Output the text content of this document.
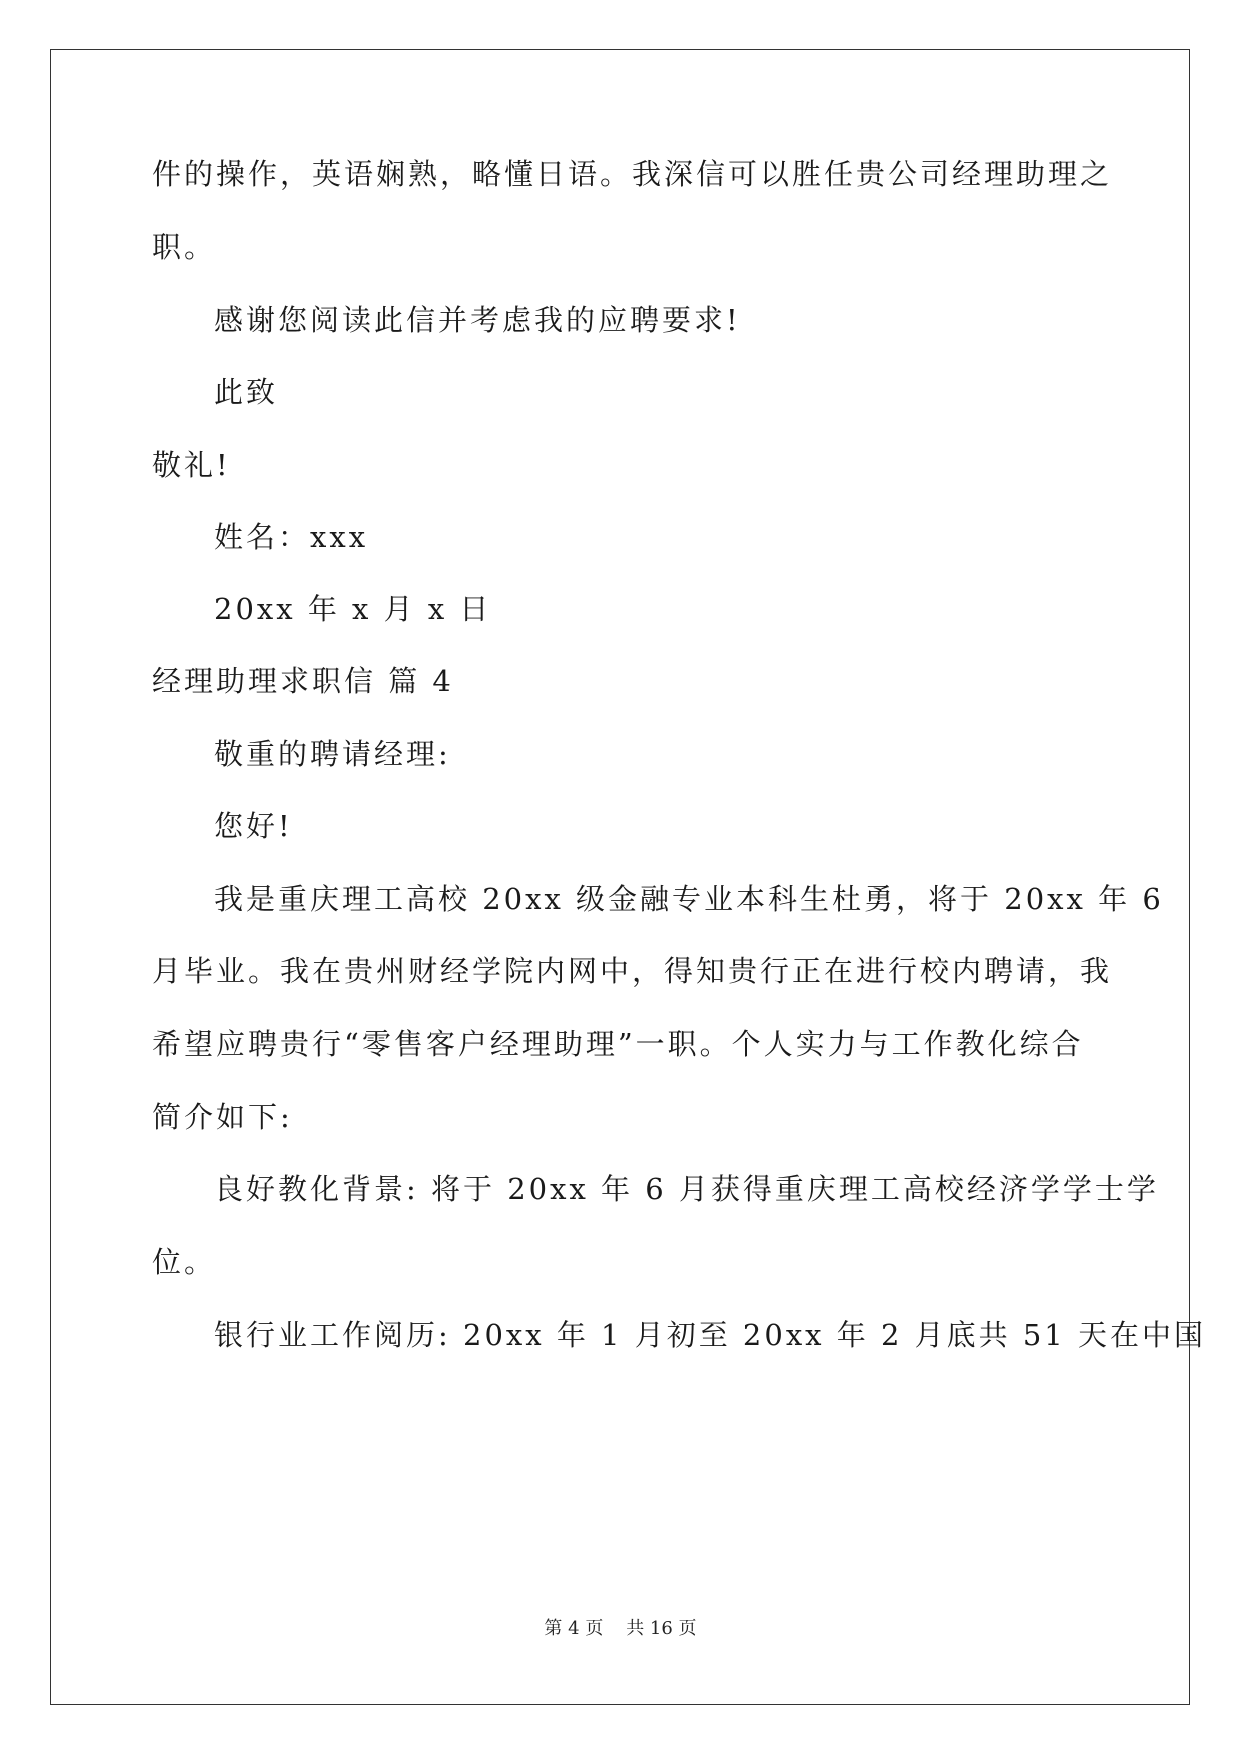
件的操作，英语娴熟，略懂日语。我深信可以胜任贵公司经理助理之
职。
感谢您阅读此信并考虑我的应聘要求!
此致
敬礼!
姓名：xxx
20xx 年 x 月 x 日
经理助理求职信 篇 4
敬重的聘请经理:
您好!
我是重庆理工高校 20xx 级金融专业本科生杜勇，将于 20xx 年 6
月毕业。我在贵州财经学院内网中，得知贵行正在进行校内聘请，我
希望应聘贵行“零售客户经理助理”一职。个人实力与工作教化综合
简介如下:
良好教化背景: 将于 20xx 年 6 月获得重庆理工高校经济学学士学
位。
银行业工作阅历: 20xx 年 1 月初至 20xx 年 2 月底共 51 天在中国
第 4 页    共 16 页
